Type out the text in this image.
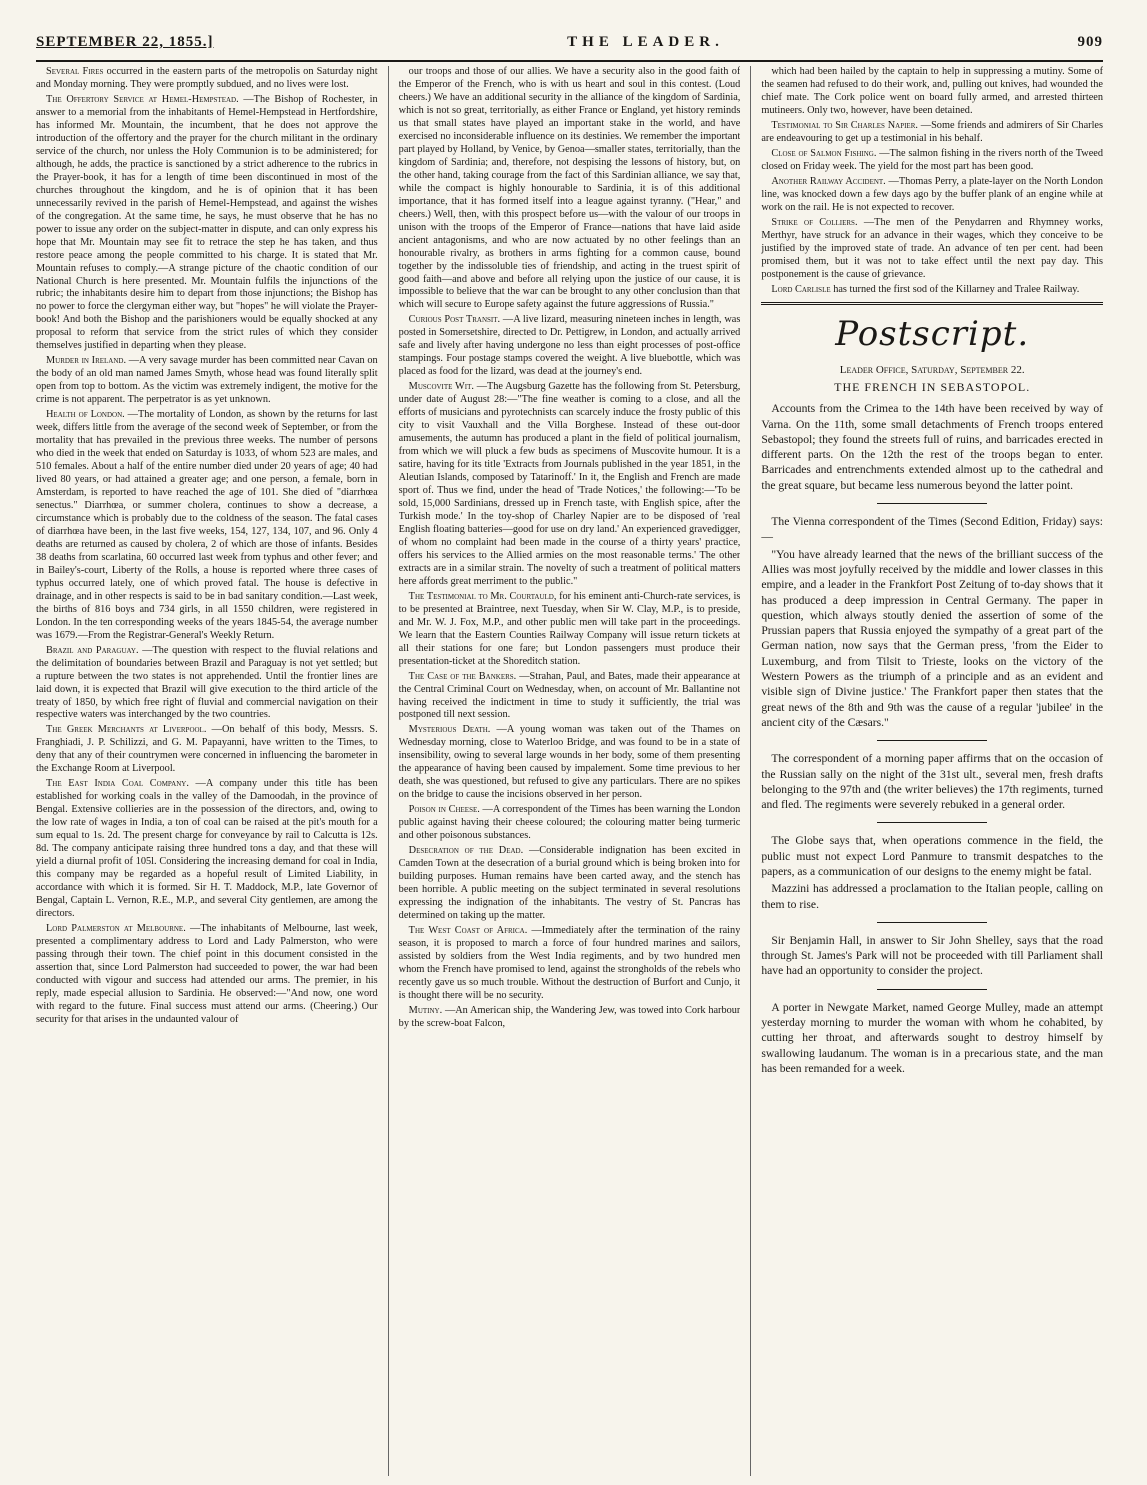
SEPTEMBER 22, 1855.]	THE LEADER.	909

Several Fires occurred in the eastern parts of the metropolis on Saturday night and Monday morning. They were promptly subdued, and no lives were lost.

The Offertory Service at Hemel-Hempstead. —The Bishop of Rochester, in answer to a memorial from the inhabitants of Hemel-Hempstead in Hertfordshire, has informed Mr. Mountain, the incumbent, that he does not approve the introduction of the offertory and the prayer for the church militant in the ordinary service of the church, nor unless the Holy Communion is to be administered; for although, he adds, the practice is sanctioned by a strict adherence to the rubrics in the Prayer-book, it has for a length of time been discontinued in most of the churches throughout the kingdom, and he is of opinion that it has been unnecessarily revived in the parish of Hemel-Hempstead, and against the wishes of the congregation. At the same time, he says, he must observe that he has no power to issue any order on the subject-matter in dispute, and can only express his hope that Mr. Mountain may see fit to retrace the step he has taken, and thus restore peace among the people committed to his charge. It is stated that Mr. Mountain refuses to comply.—A strange picture of the chaotic condition of our National Church is here presented. Mr. Mountain fulfils the injunctions of the rubric; the inhabitants desire him to depart from those injunctions; the Bishop has no power to force the clergyman either way, but "hopes" he will violate the Prayer-book! And both the Bishop and the parishioners would be equally shocked at any proposal to reform that service from the strict rules of which they consider themselves justified in departing when they please.

Murder in Ireland. —A very savage murder has been committed near Cavan on the body of an old man named James Smyth, whose head was found literally split open from top to bottom. As the victim was extremely indigent, the motive for the crime is not apparent. The perpetrator is as yet unknown.

Health of London. —The mortality of London, as shown by the returns for last week, differs little from the average of the second week of September, or from the mortality that has prevailed in the previous three weeks. The number of persons who died in the week that ended on Saturday is 1033, of whom 523 are males, and 510 females. About a half of the entire number died under 20 years of age; 40 had lived 80 years, or had attained a greater age; and one person, a female, born in Amsterdam, is reported to have reached the age of 101. She died of "diarrhœa senectus." Diarrhœa, or summer cholera, continues to show a decrease, a circumstance which is probably due to the coldness of the season. The fatal cases of diarrhœa have been, in the last five weeks, 154, 127, 134, 107, and 96. Only 4 deaths are returned as caused by cholera, 2 of which are those of infants. Besides 38 deaths from scarlatina, 60 occurred last week from typhus and other fever; and in Bailey's-court, Liberty of the Rolls, a house is reported where three cases of typhus occurred lately, one of which proved fatal. The house is defective in drainage, and in other respects is said to be in bad sanitary condition.—Last week, the births of 816 boys and 734 girls, in all 1550 children, were registered in London. In the ten corresponding weeks of the years 1845-54, the average number was 1679.—From the Registrar-General's Weekly Return.

Brazil and Paraguay. —The question with respect to the fluvial relations and the delimitation of boundaries between Brazil and Paraguay is not yet settled; but a rupture between the two states is not apprehended. Until the frontier lines are laid down, it is expected that Brazil will give execution to the third article of the treaty of 1850, by which free right of fluvial and commercial navigation on their respective waters was interchanged by the two countries.

The Greek Merchants at Liverpool. —On behalf of this body, Messrs. S. Franghiadi, J. P. Schilizzi, and G. M. Papayanni, have written to the Times, to deny that any of their countrymen were concerned in influencing the barometer in the Exchange Room at Liverpool.

The East India Coal Company. —A company under this title has been established for working coals in the valley of the Damoodah, in the province of Bengal. Extensive collieries are in the possession of the directors, and, owing to the low rate of wages in India, a ton of coal can be raised at the pit's mouth for a sum equal to 1s. 2d. The present charge for conveyance by rail to Calcutta is 12s. 8d. The company anticipate raising three hundred tons a day, and that these will yield a diurnal profit of 105l. Considering the increasing demand for coal in India, this company may be regarded as a hopeful result of Limited Liability, in accordance with which it is formed. Sir H. T. Maddock, M.P., late Governor of Bengal, Captain L. Vernon, R.E., M.P., and several City gentlemen, are among the directors.

Lord Palmerston at Melbourne. —The inhabitants of Melbourne, last week, presented a complimentary address to Lord and Lady Palmerston, who were passing through their town. The chief point in this document consisted in the assertion that, since Lord Palmerston had succeeded to power, the war had been conducted with vigour and success had attended our arms. The premier, in his reply, made especial allusion to Sardinia. He observed:—"And now, one word with regard to the future. Final success must attend our arms. (Cheering.) Our security for that arises in the undaunted valour of

our troops and those of our allies. We have a security also in the good faith of the Emperor of the French, who is with us heart and soul in this contest. (Loud cheers.) We have an additional security in the alliance of the kingdom of Sardinia, which is not so great, territorially, as either France or England, yet history reminds us that small states have played an important stake in the world, and have exercised no inconsiderable influence on its destinies. We remember the important part played by Holland, by Venice, by Genoa—smaller states, territorially, than the kingdom of Sardinia; and, therefore, not despising the lessons of history, but, on the other hand, taking courage from the fact of this Sardinian alliance, we say that, while the compact is highly honourable to Sardinia, it is of this additional importance, that it has formed itself into a league against tyranny. ("Hear," and cheers.) Well, then, with this prospect before us—with the valour of our troops in unison with the troops of the Emperor of France—nations that have laid aside ancient antagonisms, and who are now actuated by no other feelings than an honourable rivalry, as brothers in arms fighting for a common cause, bound together by the indissoluble ties of friendship, and acting in the truest spirit of good faith—and above and before all relying upon the justice of our cause, it is impossible to believe that the war can be brought to any other conclusion than that which will secure to Europe safety against the future aggressions of Russia."

Curious Post Transit. —A live lizard, measuring nineteen inches in length, was posted in Somersetshire, directed to Dr. Pettigrew, in London, and actually arrived safe and lively after having undergone no less than eight processes of post-office stampings. Four postage stamps covered the weight. A live bluebottle, which was placed as food for the lizard, was dead at the journey's end.

Muscovite Wit. —The Augsburg Gazette has the following from St. Petersburg, under date of August 28:—"The fine weather is coming to a close, and all the efforts of musicians and pyrotechnists can scarcely induce the frosty public of this city to visit Vauxhall and the Villa Borghese. Instead of these out-door amusements, the autumn has produced a plant in the field of political journalism, from which we will pluck a few buds as specimens of Muscovite humour. It is a satire, having for its title 'Extracts from Journals published in the year 1851, in the Aleutian Islands, composed by Tatarinoff.' In it, the English and French are made sport of. Thus we find, under the head of 'Trade Notices,' the following:—'To be sold, 15,000 Sardinians, dressed up in French taste, with English spice, after the Turkish mode.' In the toy-shop of Charley Napier are to be disposed of 'real English floating batteries—good for use on dry land.' An experienced gravedigger, of whom no complaint had been made in the course of a thirty years' practice, offers his services to the Allied armies on the most reasonable terms.' The other extracts are in a similar strain. The novelty of such a treatment of political matters here affords great merriment to the public."

The Testimonial to Mr. Courtauld, for his eminent anti-Church-rate services, is to be presented at Braintree, next Tuesday, when Sir W. Clay, M.P., is to preside, and Mr. W. J. Fox, M.P., and other public men will take part in the proceedings. We learn that the Eastern Counties Railway Company will issue return tickets at all their stations for one fare; but London passengers must produce their presentation-ticket at the Shoreditch station.

The Case of the Bankers. —Strahan, Paul, and Bates, made their appearance at the Central Criminal Court on Wednesday, when, on account of Mr. Ballantine not having received the indictment in time to study it sufficiently, the trial was postponed till next session.

Mysterious Death. —A young woman was taken out of the Thames on Wednesday morning, close to Waterloo Bridge, and was found to be in a state of insensibility, owing to several large wounds in her body, some of them presenting the appearance of having been caused by impalement. Some time previous to her death, she was questioned, but refused to give any particulars. There are no spikes on the bridge to cause the incisions observed in her person.

Poison in Cheese. —A correspondent of the Times has been warning the London public against having their cheese coloured; the colouring matter being turmeric and other poisonous substances.

Desecration of the Dead. —Considerable indignation has been excited in Camden Town at the desecration of a burial ground which is being broken into for building purposes. Human remains have been carted away, and the stench has been horrible. A public meeting on the subject terminated in several resolutions expressing the indignation of the inhabitants. The vestry of St. Pancras has determined on taking up the matter.

The West Coast of Africa. —Immediately after the termination of the rainy season, it is proposed to march a force of four hundred marines and sailors, assisted by soldiers from the West India regiments, and by two hundred men whom the French have promised to lend, against the strongholds of the rebels who recently gave us so much trouble. Without the destruction of Burfort and Cunjo, it is thought there will be no security.

Mutiny. —An American ship, the Wandering Jew, was towed into Cork harbour by the screw-boat Falcon,

which had been hailed by the captain to help in suppressing a mutiny. Some of the seamen had refused to do their work, and, pulling out knives, had wounded the chief mate. The Cork police went on board fully armed, and arrested thirteen mutineers. Only two, however, have been detained.

Testimonial to Sir Charles Napier. —Some friends and admirers of Sir Charles are endeavouring to get up a testimonial in his behalf.

Close of Salmon Fishing. —The salmon fishing in the rivers north of the Tweed closed on Friday week. The yield for the most part has been good.

Another Railway Accident. —Thomas Perry, a plate-layer on the North London line, was knocked down a few days ago by the buffer plank of an engine while at work on the rail. He is not expected to recover.

Strike of Colliers. —The men of the Penydarren and Rhymney works, Merthyr, have struck for an advance in their wages, which they conceive to be justified by the improved state of trade. An advance of ten per cent. had been promised them, but it was not to take effect until the next pay day. This postponement is the cause of grievance.

Lord Carlisle has turned the first sod of the Killarney and Tralee Railway.

Postscript.
Leader Office, Saturday, September 22.
THE FRENCH IN SEBASTOPOL.

Accounts from the Crimea to the 14th have been received by way of Varna. On the 11th, some small detachments of French troops entered Sebastopol; they found the streets full of ruins, and barricades erected in different parts. On the 12th the rest of the troops began to enter. Barricades and entrenchments extended almost up to the cathedral and the great square, but became less numerous beyond the latter point.

The Vienna correspondent of the Times (Second Edition, Friday) says:—

"You have already learned that the news of the brilliant success of the Allies was most joyfully received by the middle and lower classes in this empire, and a leader in the Frankfort Post Zeitung of to-day shows that it has produced a deep impression in Central Germany. The paper in question, which always stoutly denied the assertion of some of the Prussian papers that Russia enjoyed the sympathy of a great part of the German nation, now says that the German press, 'from the Eider to Luxemburg, and from Tilsit to Trieste, looks on the victory of the Western Powers as the triumph of a principle and as an evident and visible sign of Divine justice.' The Frankfort paper then states that the great news of the 8th and 9th was the cause of a regular 'jubilee' in the ancient city of the Cæsars."

The correspondent of a morning paper affirms that on the occasion of the Russian sally on the night of the 31st ult., several men, fresh drafts belonging to the 97th and (the writer believes) the 17th regiments, turned and fled. The regiments were severely rebuked in a general order.

The Globe says that, when operations commence in the field, the public must not expect Lord Panmure to transmit despatches to the papers, as a communication of our designs to the enemy might be fatal.

Mazzini has addressed a proclamation to the Italian people, calling on them to rise.

Sir Benjamin Hall, in answer to Sir John Shelley, says that the road through St. James's Park will not be proceeded with till Parliament shall have had an opportunity to consider the project.

A porter in Newgate Market, named George Mulley, made an attempt yesterday morning to murder the woman with whom he cohabited, by cutting her throat, and afterwards sought to destroy himself by swallowing laudanum. The woman is in a precarious state, and the man has been remanded for a week.
